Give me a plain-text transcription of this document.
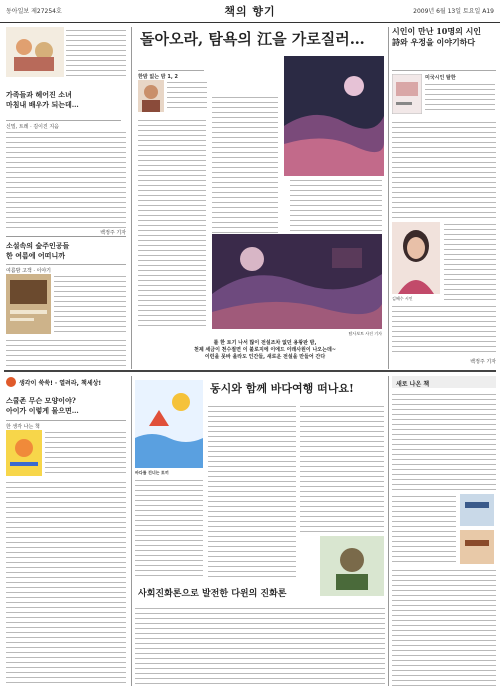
동아일보 제27254호	책의 향기	2009년 6월 13일 토요일 A19
가족들과 헤어진 소녀
마침내 배우가 되는데…
신밀, 트레 · 김이진 지음
백정주 기자
소설속의 숲주인공들
한 여름에 어떠니까
여름밤 고객 · 이야기
돌아오라, 탐욕의 江을 가로질러…
한밤 없는 밤 1, 2
탐사보트 사진 기자
롤 한 토기 나서 많이 전설조차 없던 용왕판 밤,
천제 세금이 천수절면 이 불로지에 이에드 이래사원이 나오는데~
이런을 못바 올라도 인간들, 새로운 전설을 만들어 간다
시인이 만난 10명의 시인
詩와 우정을 이야기하다
미국시인 탈한
김혜수 시인
백정주 기자
생각이 쑥쑥! · 열려라, 책세상!
스쿨존 무슨 모양이야?
아이가 이렇게 물으면…
한 생각 나는 책
동시와 함께 바다여행 떠나요!
바다를 건너는 토끼
사회진화론으로 발전한 다윈의 진화론
새로 나온 책
